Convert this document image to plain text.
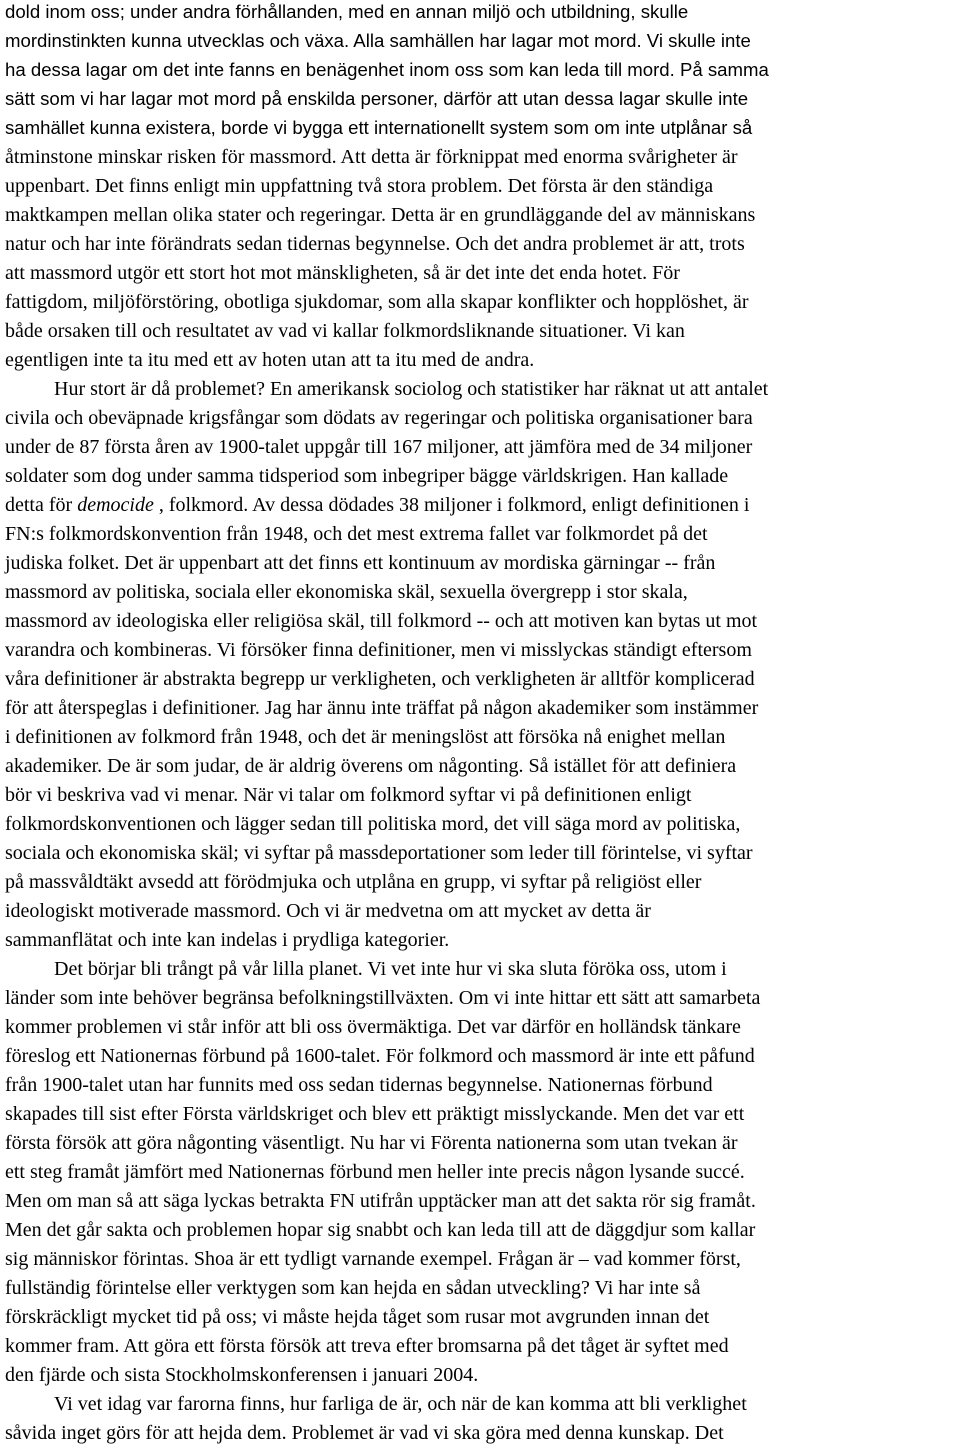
dold inom oss; under andra förhållanden, med en annan miljö och utbildning, skulle
mordinstinkten kunna utvecklas och växa. Alla samhällen har lagar mot mord. Vi skulle inte
ha dessa lagar om det inte fanns en benägenhet inom oss som kan leda till mord. På samma
sätt som vi har lagar mot mord på enskilda personer, därför att utan dessa lagar skulle inte
samhället kunna existera, borde vi bygga ett internationellt system som om inte utplånar så
åtminstone minskar risken för massmord. Att detta är förknippat med enorma svårigheter är
uppenbart. Det finns enligt min uppfattning två stora problem. Det första är den ständiga
maktkampen mellan olika stater och regeringar. Detta är en grundläggande del av människans
natur och har inte förändrats sedan tidernas begynnelse. Och det andra problemet är att, trots
att massmord utgör ett stort hot mot mänskligheten, så är det inte det enda hotet. För
fattigdom, miljöförstöring, obotliga sjukdomar, som alla skapar konflikter och hopplöshet, är
både orsaken till och resultatet av vad vi kallar folkmordsliknande situationer. Vi kan
egentligen inte ta itu med ett av hoten utan att ta itu med de andra.
Hur stort är då problemet? En amerikansk sociolog och statistiker har räknat ut att antalet
civila och obeväpnade krigsfångar som dödats av regeringar och politiska organisationer bara
under de 87 första åren av 1900-talet uppgår till 167 miljoner, att jämföra med de 34 miljoner
soldater som dog under samma tidsperiod som inbegriper bägge världskrigen. Han kallade
detta för democide , folkmord. Av dessa dödades 38 miljoner i folkmord, enligt definitionen i
FN:s folkmordskonvention från 1948, och det mest extrema fallet var folkmordet på det
judiska folket. Det är uppenbart att det finns ett kontinuum av mordiska gärningar -- från
massmord av politiska, sociala eller ekonomiska skäl, sexuella övergrepp i stor skala,
massmord av ideologiska eller religiösa skäl, till folkmord -- och att motiven kan bytas ut mot
varandra och kombineras. Vi försöker finna definitioner, men vi misslyckas ständigt eftersom
våra definitioner är abstrakta begrepp ur verkligheten, och verkligheten är alltför komplicerad
för att återspeglas i definitioner. Jag har ännu inte träffat på någon akademiker som instämmer
i definitionen av folkmord från 1948, och det är meningslöst att försöka nå enighet mellan
akademiker. De är som judar, de är aldrig överens om någonting. Så istället för att definiera
bör vi beskriva vad vi menar. När vi talar om folkmord syftar vi på definitionen enligt
folkmordskonventionen och lägger sedan till politiska mord, det vill säga mord av politiska,
sociala och ekonomiska skäl; vi syftar på massdeportationer som leder till förintelse, vi syftar
på massvåldtäkt avsedd att förödmjuka och utplåna en grupp, vi syftar på religiöst eller
ideologiskt motiverade massmord. Och vi är medvetna om att mycket av detta är
sammanflätat och inte kan indelas i prydliga kategorier.
Det börjar bli trångt på vår lilla planet. Vi vet inte hur vi ska sluta föröka oss, utom i
länder som inte behöver begränsa befolkningstillväxten. Om vi inte hittar ett sätt att samarbeta
kommer problemen vi står inför att bli oss övermäktiga. Det var därför en holländsk tänkare
föreslog ett Nationernas förbund på 1600-talet. För folkmord och massmord är inte ett påfund
från 1900-talet utan har funnits med oss sedan tidernas begynnelse. Nationernas förbund
skapades till sist efter Första världskriget och blev ett präktigt misslyckande. Men det var ett
första försök att göra någonting väsentligt. Nu har vi Förenta nationerna som utan tvekan är
ett steg framåt jämfört med Nationernas förbund men heller inte precis någon lysande succé.
Men om man så att säga lyckas betrakta FN utifrån upptäcker man att det sakta rör sig framåt.
Men det går sakta och problemen hopar sig snabbt och kan leda till att de däggdjur som kallar
sig människor förintas. Shoa är ett tydligt varnande exempel. Frågan är – vad kommer först,
fullständig förintelse eller verktygen som kan hejda en sådan utveckling? Vi har inte så
förskräckligt mycket tid på oss; vi måste hejda tåget som rusar mot avgrunden innan det
kommer fram. Att göra ett första försök att treva efter bromsarna på det tåget är syftet med
den fjärde och sista Stockholmskonferensen i januari 2004.
Vi vet idag var farorna finns, hur farliga de är, och när de kan komma att bli verklighet
såvida inget görs för att hejda dem. Problemet är vad vi ska göra med denna kunskap. Det
